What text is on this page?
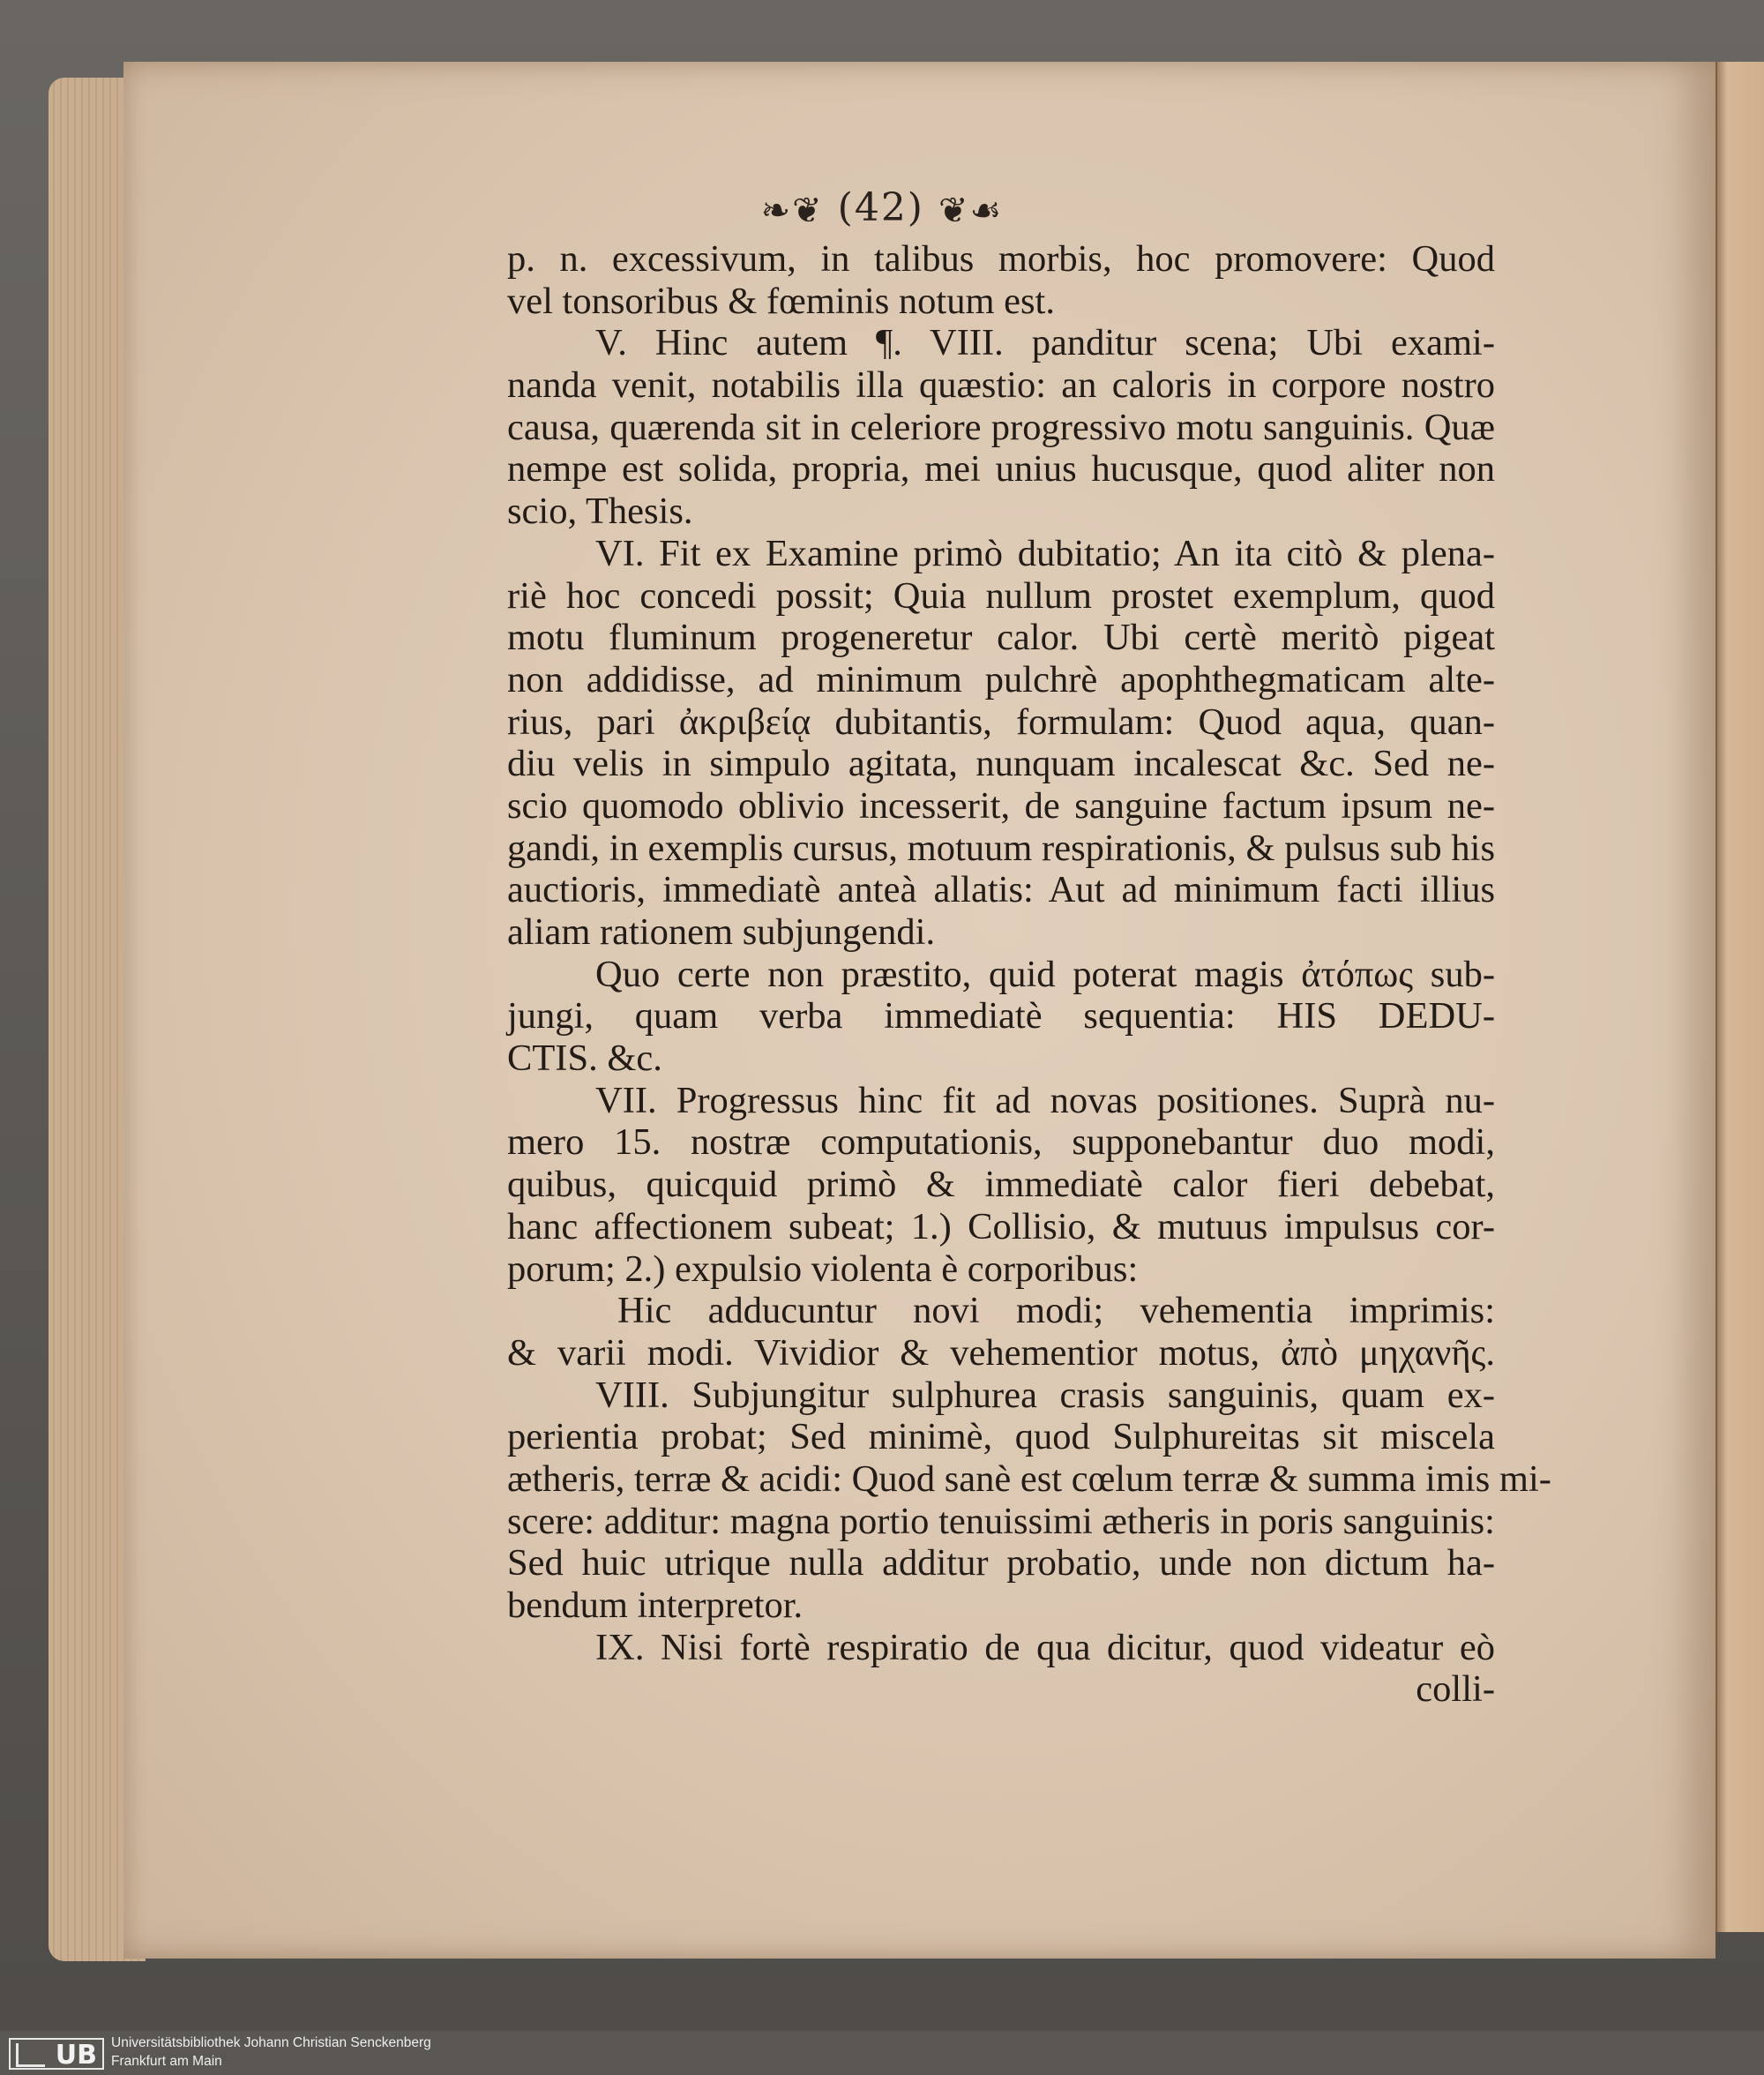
❧❦ (42) ❦☙
p. n. excessivum, in talibus morbis, hoc promovere: Quod
vel tonsoribus & fœminis notum est.
V. Hinc autem ¶. VIII. panditur scena; Ubi exami-
nanda venit, notabilis illa quæstio: an caloris in corpore nostro
causa, quærenda sit in celeriore progressivo motu sanguinis. Quæ
nempe est solida, propria, mei unius hucusque, quod aliter non
scio, Thesis.
VI. Fit ex Examine primò dubitatio; An ita citò & plena-
riè hoc concedi possit; Quia nullum prostet exemplum, quod
motu fluminum progeneretur calor. Ubi certè meritò pigeat
non addidisse, ad minimum pulchrè apophthegmaticam alte-
rius, pari ἀκριβείᾳ dubitantis, formulam: Quod aqua, quan-
diu velis in simpulo agitata, nunquam incalescat &c. Sed ne-
scio quomodo oblivio incesserit, de sanguine factum ipsum ne-
gandi, in exemplis cursus, motuum respirationis, & pulsus sub his
auctioris, immediatè anteà allatis: Aut ad minimum facti illius
aliam rationem subjungendi.
Quo certe non præstito, quid poterat magis ἀτόπως sub-
jungi, quam verba immediatè sequentia: HIS DEDU-
CTIS. &c.
VII. Progressus hinc fit ad novas positiones. Suprà nu-
mero 15. nostræ computationis, supponebantur duo modi,
quibus, quicquid primò & immediatè calor fieri debebat,
hanc affectionem subeat; 1.) Collisio, & mutuus impulsus cor-
porum; 2.) expulsio violenta è corporibus:
Hic adducuntur novi modi; vehementia imprimis:
& varii modi. Vividior & vehementior motus, ἀπὸ μηχανῆς.
VIII. Subjungitur sulphurea crasis sanguinis, quam ex-
perientia probat; Sed minimè, quod Sulphureitas sit miscela
ætheris, terræ & acidi: Quod sanè est cœlum terræ & summa imis mi-
scere: additur: magna portio tenuissimi ætheris in poris sanguinis:
Sed huic utrique nulla additur probatio, unde non dictum ha-
bendum interpretor.
IX. Nisi fortè respiratio de qua dicitur, quod videatur eò
colli-
UB	Universitätsbibliothek Johann Christian Senckenberg
Frankfurt am Main
